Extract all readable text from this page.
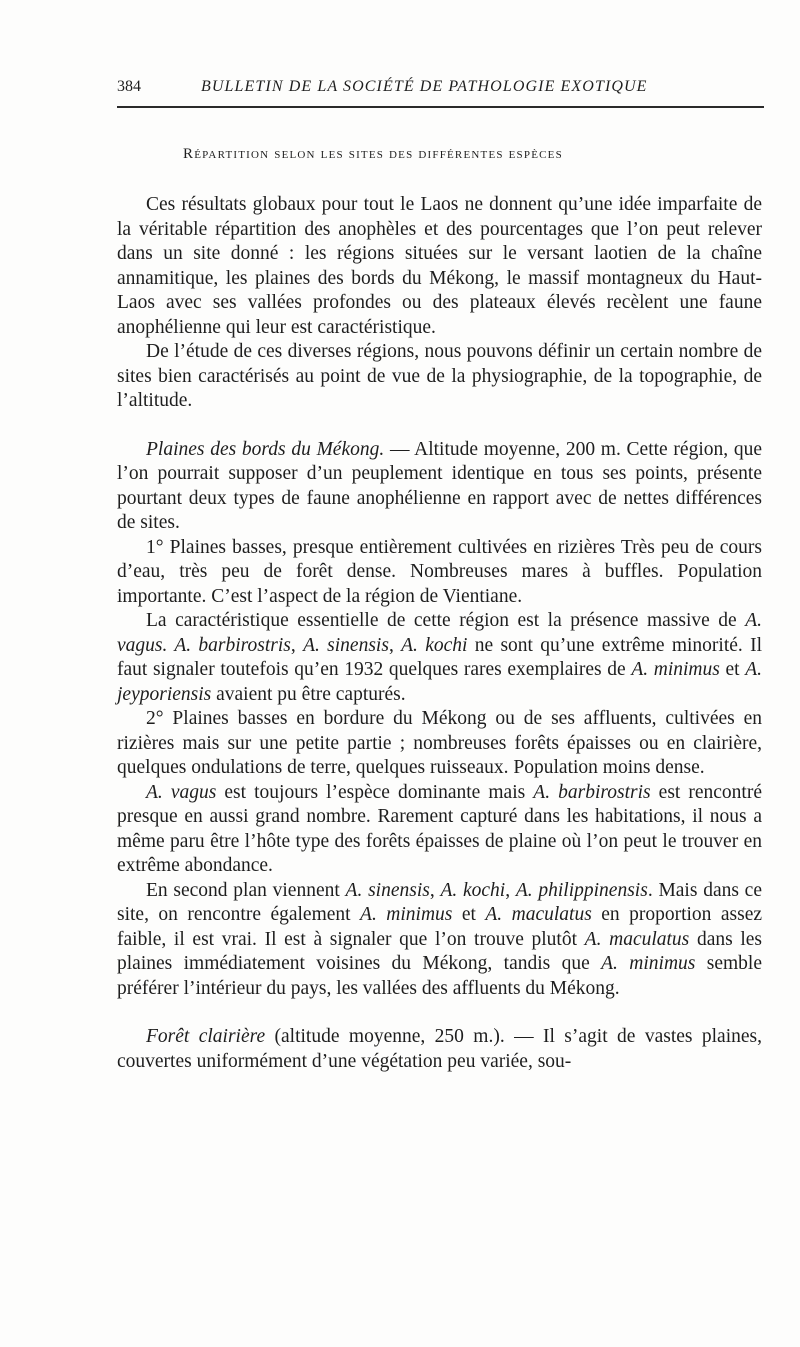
384	BULLETIN DE LA SOCIÉTÉ DE PATHOLOGIE EXOTIQUE
Répartition selon les sites des différentes espèces

Ces résultats globaux pour tout le Laos ne donnent qu’une idée imparfaite de la véritable répartition des anophèles et des pourcentages que l’on peut relever dans un site donné : les régions situées sur le versant laotien de la chaîne annamitique, les plaines des bords du Mékong, le massif montagneux du Haut-Laos avec ses vallées profondes ou des plateaux élevés recèlent une faune anophélienne qui leur est caractéristique.

De l’étude de ces diverses régions, nous pouvons définir un certain nombre de sites bien caractérisés au point de vue de la physiographie, de la topographie, de l’altitude.

Plaines des bords du Mékong. — Altitude moyenne, 200 m. Cette région, que l’on pourrait supposer d’un peuplement identique en tous ses points, présente pourtant deux types de faune anophélienne en rapport avec de nettes différences de sites.

1° Plaines basses, presque entièrement cultivées en rizières Très peu de cours d’eau, très peu de forêt dense. Nombreuses mares à buffles. Population importante. C’est l’aspect de la région de Vientiane.

La caractéristique essentielle de cette région est la présence massive de A. vagus. A. barbirostris, A. sinensis, A. kochi ne sont qu’une extrême minorité. Il faut signaler toutefois qu’en 1932 quelques rares exemplaires de A. minimus et A. jeyporiensis avaient pu être capturés.

2° Plaines basses en bordure du Mékong ou de ses affluents, cultivées en rizières mais sur une petite partie ; nombreuses forêts épaisses ou en clairière, quelques ondulations de terre, quelques ruisseaux. Population moins dense.

A. vagus est toujours l’espèce dominante mais A. barbirostris est rencontré presque en aussi grand nombre. Rarement capturé dans les habitations, il nous a même paru être l’hôte type des forêts épaisses de plaine où l’on peut le trouver en extrême abondance.

En second plan viennent A. sinensis, A. kochi, A. philippinensis. Mais dans ce site, on rencontre également A. minimus et A. maculatus en proportion assez faible, il est vrai. Il est à signaler que l’on trouve plutôt A. maculatus dans les plaines immédiatement voisines du Mékong, tandis que A. minimus semble préférer l’intérieur du pays, les vallées des affluents du Mékong.

Forêt clairière (altitude moyenne, 250 m.). — Il s’agit de vastes plaines, couvertes uniformément d’une végétation peu variée, sou-
